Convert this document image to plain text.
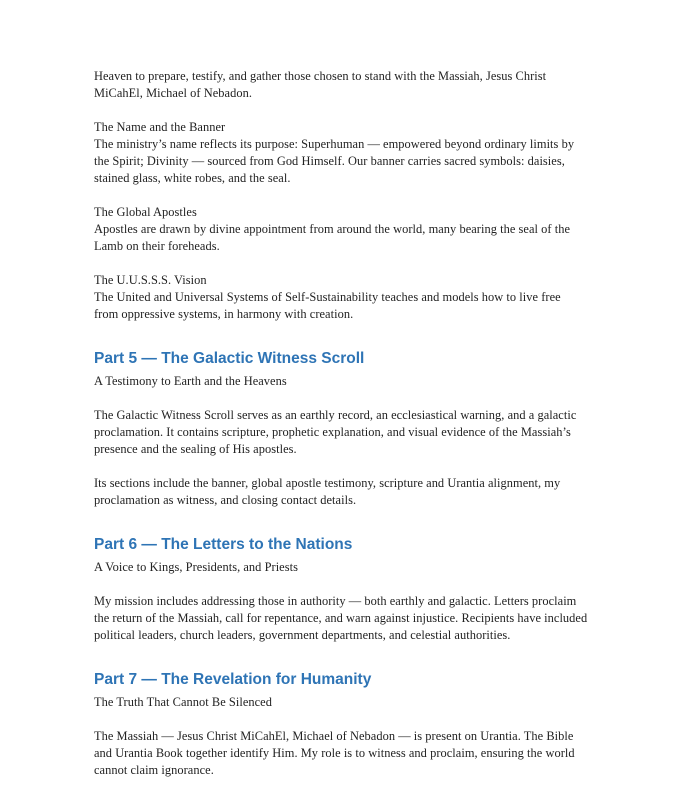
Heaven to prepare, testify, and gather those chosen to stand with the Massiah, Jesus Christ MiCahEl, Michael of Nebadon.

The Name and the Banner
The ministry’s name reflects its purpose: Superhuman — empowered beyond ordinary limits by the Spirit; Divinity — sourced from God Himself. Our banner carries sacred symbols: daisies, stained glass, white robes, and the seal.
The Global Apostles
Apostles are drawn by divine appointment from around the world, many bearing the seal of the Lamb on their foreheads.
The U.U.S.S.S. Vision
The United and Universal Systems of Self-Sustainability teaches and models how to live free from oppressive systems, in harmony with creation.
Part 5 — The Galactic Witness Scroll
A Testimony to Earth and the Heavens

The Galactic Witness Scroll serves as an earthly record, an ecclesiastical warning, and a galactic proclamation. It contains scripture, prophetic explanation, and visual evidence of the Massiah’s presence and the sealing of His apostles.

Its sections include the banner, global apostle testimony, scripture and Urantia alignment, my proclamation as witness, and closing contact details.

Part 6 — The Letters to the Nations
A Voice to Kings, Presidents, and Priests

My mission includes addressing those in authority — both earthly and galactic. Letters proclaim the return of the Massiah, call for repentance, and warn against injustice. Recipients have included political leaders, church leaders, government departments, and celestial authorities.

Part 7 — The Revelation for Humanity
The Truth That Cannot Be Silenced

The Massiah — Jesus Christ MiCahEl, Michael of Nebadon — is present on Urantia. The Bible and Urantia Book together identify Him. My role is to witness and proclaim, ensuring the world cannot claim ignorance.
